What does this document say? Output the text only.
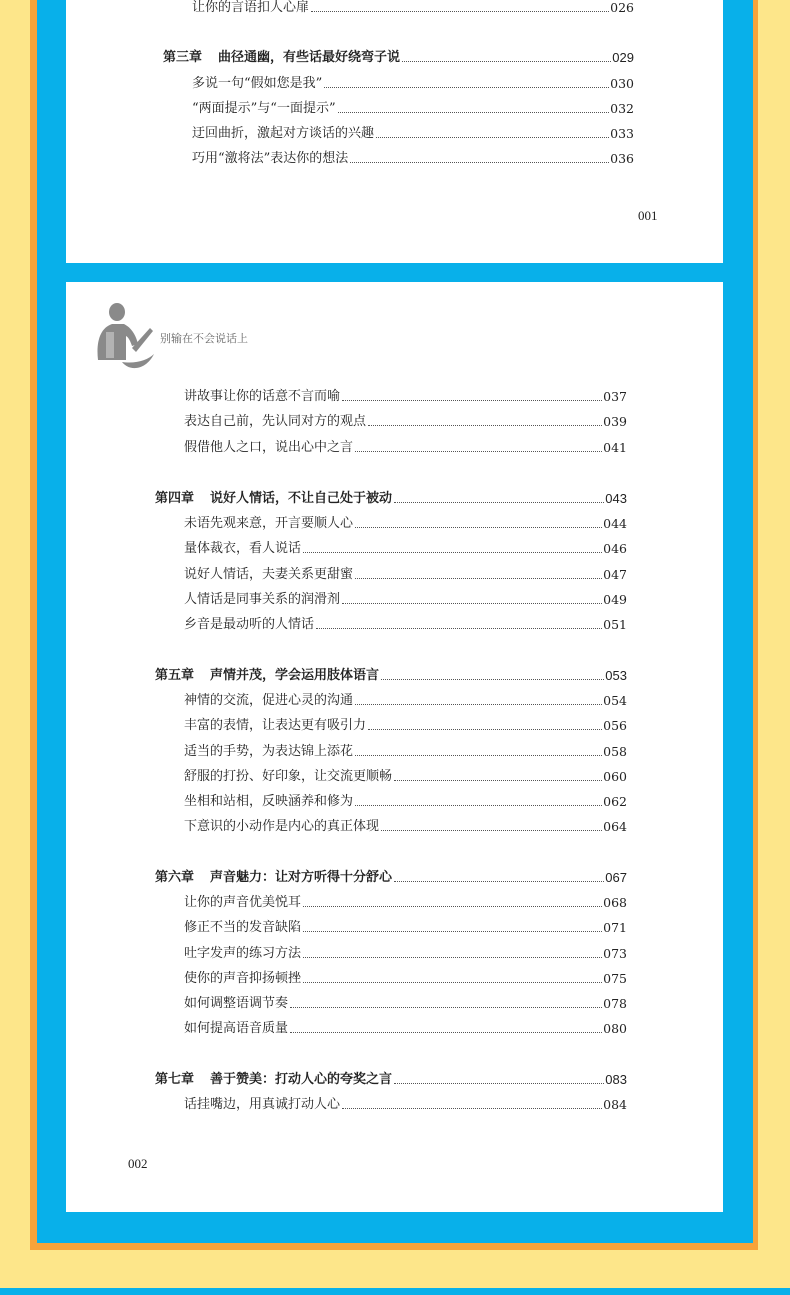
让你的言语扣人心扉	026
第三章 曲径通幽，有些话最好绕弯子说	029
多说一句“假如您是我”	030
“两面提示”与“一面提示”	032
迂回曲折，激起对方谈话的兴趣	033
巧用“激将法”表达你的想法	036
001
别输在不会说话上
讲故事让你的话意不言而喻	037
表达自己前，先认同对方的观点	039
假借他人之口，说出心中之言	041
第四章 说好人情话，不让自己处于被动	043
未语先观来意，开言要顺人心	044
量体裁衣，看人说话	046
说好人情话，夫妻关系更甜蜜	047
人情话是同事关系的润滑剂	049
乡音是最动听的人情话	051
第五章 声情并茂，学会运用肢体语言	053
神情的交流，促进心灵的沟通	054
丰富的表情，让表达更有吸引力	056
适当的手势，为表达锦上添花	058
舒服的打扮、好印象，让交流更顺畅	060
坐相和站相，反映涵养和修为	062
下意识的小动作是内心的真正体现	064
第六章 声音魅力：让对方听得十分舒心	067
让你的声音优美悦耳	068
修正不当的发音缺陷	071
吐字发声的练习方法	073
使你的声音抑扬顿挫	075
如何调整语调节奏	078
如何提高语音质量	080
第七章 善于赞美：打动人心的夸奖之言	083
话挂嘴边，用真诚打动人心	084
002
